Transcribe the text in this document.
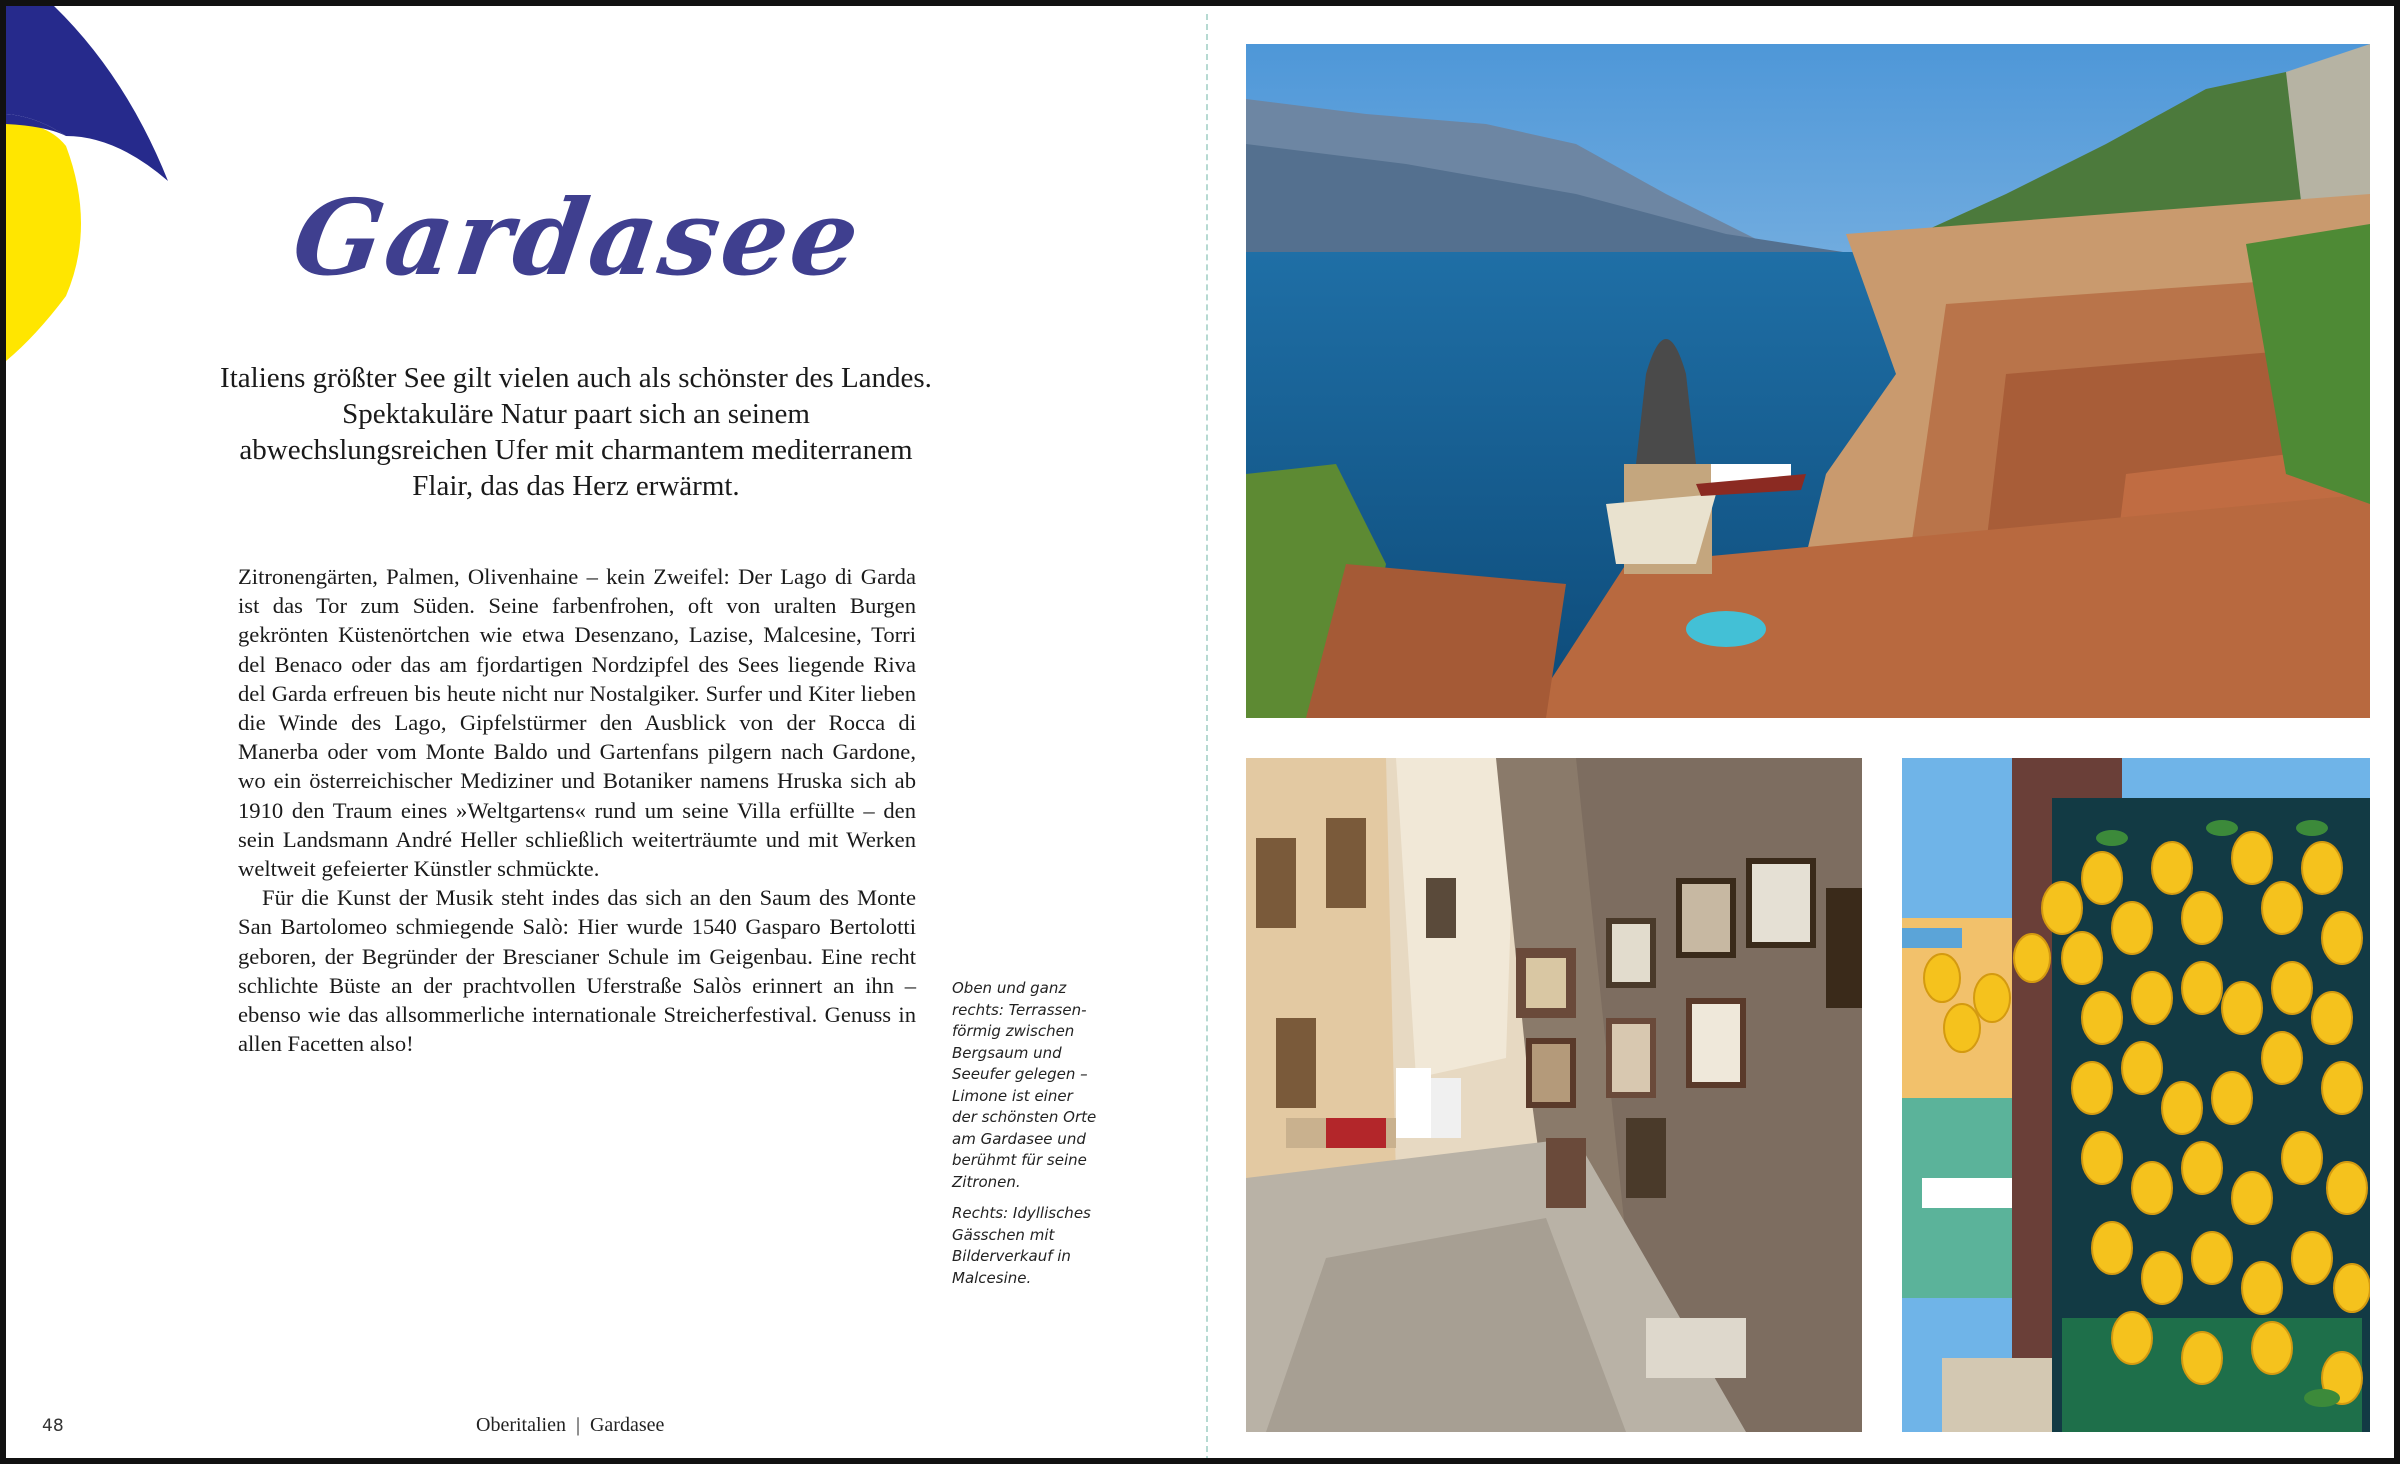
Gardasee

Italiens größter See gilt vielen auch als schönster des Landes. Spektakuläre Natur paart sich an seinem abwechslungsreichen Ufer mit charmantem mediterranem Flair, das das Herz erwärmt.

Zitronengärten, Palmen, Olivenhaine – kein Zweifel: Der Lago di Garda ist das Tor zum Süden. Seine farbenfrohen, oft von uralten Burgen gekrönten Küstenörtchen wie etwa Desenzano, Lazise, Malcesine, Torri del Benaco oder das am fjordartigen Nordzipfel des Sees liegende Riva del Garda erfreuen bis heute nicht nur Nostalgiker. Surfer und Kiter lieben die Winde des Lago, Gipfelstürmer den Ausblick von der Rocca di Manerba oder vom Monte Baldo und Gartenfans pilgern nach Gardone, wo ein österreichischer Mediziner und Botaniker namens Hruska sich ab 1910 den Traum eines »Weltgartens« rund um seine Villa erfüllte – den sein Landsmann André Heller schließlich weiterträumte und mit Werken weltweit gefeierter Künstler schmückte.

Für die Kunst der Musik steht indes das sich an den Saum des Monte San Bartolomeo schmiegende Salò: Hier wurde 1540 Gasparo Bertolotti geboren, der Begründer der Brescianer Schule im Geigenbau. Eine recht schlichte Büste an der prachtvollen Uferstraße Salòs erinnert an ihn – ebenso wie das allsommerliche internationale Streicherfestival. Genuss in allen Facetten also!

Oben und ganz rechts: Terrassenförmig zwischen Bergsaum und Seeufer gelegen – Limone ist einer der schönsten Orte am Gardasee und berühmt für seine Zitronen.

Rechts: Idyllisches Gässchen mit Bilderverkauf in Malcesine.

48	Oberitalien | Gardasee
